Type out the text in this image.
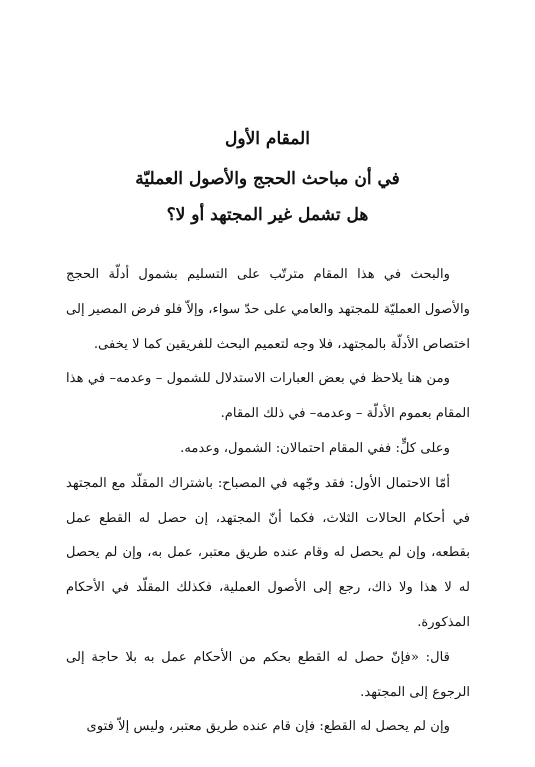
المقام الأول
في أن مباحث الحجج والأصول العمليّة
هل تشمل غير المجتهد أو لا؟

والبحث في هذا المقام مترتّب على التسليم بشمول أدلّة الحجج والأصول العمليّة للمجتهد والعامي على حدّ سواء، وإلاّ فلو فرض المصير إلى اختصاص الأدلّة بالمجتهد، فلا وجه لتعميم البحث للفريقين كما لا يخفى.

ومن هنا يلاحظ في بعض العبارات الاستدلال للشمول – وعدمه– في هذا المقام بعموم الأدلّة – وعدمه– في ذلك المقام.

وعلى كلٍّ: ففي المقام احتمالان: الشمول، وعدمه.

أمّا الاحتمال الأول: فقد وجّهه في المصباح: باشتراك المقلّد مع المجتهد في أحكام الحالات الثلاث، فكما أنّ المجتهد، إن حصل له القطع عمل بقطعه، وإن لم يحصل له وقام عنده طريق معتبر، عمل به، وإن لم يحصل له لا هذا ولا ذاك، رجع إلى الأصول العملية، فكذلك المقلّد في الأحكام المذكورة.

قال: «فإنّ حصل له القطع بحكم من الأحكام عمل به بلا حاجة إلى الرجوع إلى المجتهد.

وإن لم يحصل له القطع: فإن قام عنده طريق معتبر، وليس إلاّ فتوى
